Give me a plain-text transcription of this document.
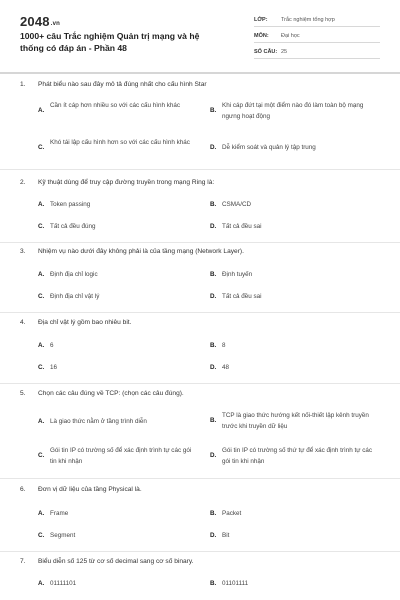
2048.vn
1000+ câu Trắc nghiệm Quản trị mạng và hệ thống có đáp án - Phần 48
LỚP:	Trắc nghiệm tổng hợp
MÔN:	Đại học
SỐ CÂU: 25
1.	Phát biểu nào sau đây mô tả đúng nhất cho cấu hình Star
A.
Cần ít cáp hơn nhiều so với các cấu hình khác
B.
Khi cáp đứt tại một điểm nào đó làm toàn bộ mạng ngưng hoạt động
C.
Khó tái lập cấu hình hơn so với các cấu hình khác
D. Dễ kiểm soát và quản lý tập trung
2.	Kỹ thuật dùng để truy cập đường truyền trong mạng Ring là:
A. Token passing	B. CSMA/CD
C. Tất cả đều đúng	D. Tất cả đều sai
3.	Nhiệm vụ nào dưới đây không phải là của tầng mạng (Network Layer).
A. Định địa chỉ logic	B. Định tuyến
C. Định địa chỉ vật lý	D. Tất cả đều sai
4.	Địa chỉ vật lý gồm bao nhiêu bit.
A. 6	B. 8
C. 16	D. 48
5.	Chọn các câu đúng về TCP: (chọn các câu đúng).
A. Là giao thức nằm ở tầng trình diễn	B.
TCP là giao thức hướng kết nối-thiết lập kênh truyền trước khi truyền dữ liệu
C.
Gói tin IP có trường số để xác định trình tự các gói tin khi nhận
D.
Gói tin IP có trường số thứ tự để xác định trình tự các gói tin khi nhận
6.	Đơn vị dữ liệu của tầng Physical là.
A. Frame	B. Packet
C. Segment	D. Bit
7.	Biểu diễn số 125 từ cơ số decimal sang cơ số binary.
A. 01111101	B. 01101111
